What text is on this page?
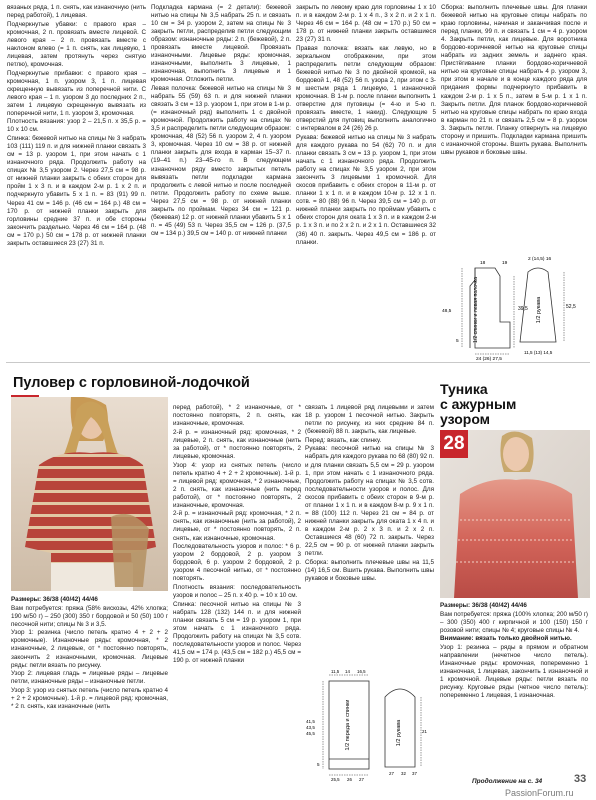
вязаных ряда, 1 п. снять, как изнаночную (нить перед работой), 1 лицевая.

Подчеркнутые убавки: с правого края – кромочная, 2 п. провязать вместе лицевой. С левого края – 2 п. провязать вместе с наклоном влево (= 1 п. снять, как лицевую, 1 лицевая, затем протянуть через снятую петлю), кромочная.

Подчеркнутые прибавки: с правого края – кромочная, 1 п. узором 3, 1 п. лицевая скрещенную вывязать из поперечной нити. С левого края – 1 п. узором 3 до последних 2 п., затем 1 лицевую скрещенную вывязать из поперечной нити, 1 п. узором 3, кромочная.

Плотность вязания: узор 2 – 21,5 п. х 35,5 р. = 10 х 10 см.

Спинка: бежевой нитью на спицы № 3 набрать 103 (111) 119 п. и для нижней планки связать 3 см = 13 р. узором 1, при этом начать с 1 изнаночного ряда. Продолжить работу на спицах № 3,5 узором 2. Через 27,5 см = 98 р. от нижней планки закрыть с обеих сторон для пройм 1 х 3 п. и в каждом 2-м р. 1 х 2 п. и подчеркнуто убавить 5 х 1 п. = 83 (91) 99 п. Через 41 см = 146 р. (46 см = 164 р.) 48 см = 170 р. от нижней планки закрыть для горловины средние 37 п. и обе стороны закончить раздельно. Через 46 см = 164 р. (48 см = 170 р.) 50 см = 178 р. от нижней планки закрыть оставшиеся 23 (27) 31 п.

Подкладка кармана (= 2 детали): бежевой нитью на спицы № 3,5 набрать 25 п. и связать 10 см = 34 р. узором 2, затем на спицы № 3 закрыть петли, распределив петли следующим образом: изнаночные ряды: 2 п. (бежевой), 2 п. провязать вместе лицевой. Провязать изнаночными. Лицевые ряды: кромочная, изнаночными, выполнить 3 лицевые, 1 изнаночная, выполнить 3 лицевые и 1 кромочная. Отложить петли.

Левая полочка: бежевой нитью на спицы № 3 набрать 55 (59) 63 п. и для нижней планки связать 3 см = 13 р. узором 1, при этом в 1-м р. (= изнаночный ряд) выполнить 1 с двойной кромочной. Продолжить работу на спицах № 3,5 и распределить петли следующим образом: кромочная, 48 (52) 56 п. узором 2, 4 п. узором 3, кромочная. Через 10 см = 38 р. от нижней планки закрыть для входа в карман 15–37 п. (19–41 п.) 23–45-го п. В следующем изнаночном ряду вместо закрытых петель вывязать петли подкладки кармана продолжить с левой нитью и после последней петли. Продолжить работу по схеме выше. Через 27,5 см = 98 р. от нижней планки закрыть по проймам. Через 34 см = 121 р. (бежевая) 12 р. от нижней планки убавить 5 х 1 п. = 45 (49) 53 п. Через 35,5 см = 126 р. (37,5 см = 134 р.) 39,5 см = 140 р. от нижней планки

закрыть по левому краю для горловины 1 х 10 п. и в каждом 2-м р. 1 х 4 п., 3 х 2 п. и 2 х 1 п. Через 46 см = 164 р. (48 см = 170 р.) 50 см = 178 р. от нижней планки закрыть оставшиеся 23 (27) 31 п.

Правая полочка: вязать как левую, но в зеркальном отображении, при этом распределить петли следующим образом: бежевой нитью № 3 по двойной кромкой, на бордовой 1, 48 (52) 56 п. узора 2, при этом с 3-м шестым ряда 1 лицевую, 1 изнаночной кромочная. В 1-м р. после планки выполнить 1 отверстие для пуговицы (= 4-ю и 5-ю п. провязать вместе, 1 накид). Следующие 5 отверстий для пуговиц выполнить аналогично с интервалом в 24 (26) 26 р.

Рукава: бежевой нитью на спицы № 3 набрать для каждого рукава по 54 (62) 70 п. и для планки связать 3 см = 13 р. узором 1, при этом начать с 1 изнаночного ряда. Продолжить работу на спицах № 3,5 узором 2, при этом закончить 3 лицевыми 1 кромочной. Для скосов прибавить с обеих сторон в 11-м р. от планки 1 х 1 п. и в каждом 10-м р. 12 х 1 п. сотв. = 80 (88) 96 п. Через 39,5 см = 140 р. от нижней планки закрыть по проймам убавить с обеих сторон для оката 1 х 3 п. и в каждом 2-м р. 1 х 3 п. и по 2 х 2 п. и 2 х 1 п. Оставшиеся 32 (36) 40 п. закрыть. Через 49,5 см = 186 р. от планки.

Сборка: выполнить плечевые швы. Для планки бежевой нитью на круговые спицы набрать по краю горловины, начиная и заканчивая после и перед планки, 99 п. и связать 1 см = 4 р. узором 4. Закрыть петли, как лицевые. Для воротника бордово-коричневой нитью на круговые спицы набрать из задних земель и заднего края. Пристёгивание планки бордово-коричневой нитью на круговые спицы набрать 4 р. узором 3, при этом в начале и в конце каждого ряда для придания формы подчеркнуто прибавить в каждом 2-м р. 1 х 5 п., затем в 5-м р. 1 х 1 п. Закрыть петли. Для планок бордово-коричневой нитью на круговые спицы набрать по краю входа в карман по 21 п. и связать 2,5 см = 8 р. узором 3. Закрыть петли. Планку отвернуть на лицевую сторону и пришить. Подкладки кармана пришить с изнаночной стороны. Вшить рукава. Выполнить швы рукавов и боковые швы.

1/2 спинки и левая полочка	1/2 рукава
39,5	52,5
24 (26) 27,5
11,5 (13) 14,5
48,5
2 (14,5) 16
5
18	19
Пуловер с горловиной-лодочкой

Размеры: 36/38 (40/42) 44/46

Вам потребуется: пряжа (58% вискозы, 42% хлопка; 190 м/50 г) – 250 (300) 350 г бордовой и 50 (50) 100 г песочной нити; спицы № 3 и 3,5.

Узор 1: резинка (число петель кратно 4 + 2 + 2 кромочные). Изнаночные ряды: кромочная, * 2 изнаночные, 2 лицевые, от * постоянно повторять, закончить 2 изнаночными, кромочная. Лицевые ряды: петли вязать по рисунку.

Узор 2: лицевая гладь = лицевые ряды – лицевые петли, изнаночные ряды – изнаночные петли.

Узор 3: узор из снятых петель (число петель кратно 4 + 2 + 2 кромочные). 1-й р. = лицевой ряд: кромочная, * 2 п. снять, как изнаночные (нить

перед работой), * 2 изнаночные, от * постоянно повторять, 2 п. снять, как изнаночные, кромочная.

2-й р. = изнаночный ряд: кромочная, * 2 лицевые, 2 п. снять, как изнаночные (нить за работой), от * постоянно повторять, 2 лицевые, кромочная.

Узор 4: узор из снятых петель (число петель кратно 4 + 2 + 2 кромочные). 1-й р. = лицевой ряд: кромочная, * 2 изнаночные, 2 п. снять, как изнаночные (нить перед работой), от * постоянно повторять, 2 изнаночные, кромочная.

2-й р. = изнаночный ряд: кромочная, * 2 п. снять, как изнаночные (нить за работой), 2 лицевые, от * постоянно повторять, 2 п. снять, как изнаночные, кромочная.

Последовательность узоров и полос: * 6 р. узором 2 бордовой, 2 р. узором 3 бордовой, 6 р. узором 2 бордовой, 2 р. узором 4 песочной нитью, от * постоянно повторять.

Плотность вязания: последовательность узоров и полос – 25 п. х 40 р. = 10 х 10 см.

Спинка: песочной нитью на спицы № 3 набрать 128 (132) 144 п. и для нижней планки связать 5 см = 19 р. узором 1, при этом начать с 1 изнаночного ряда. Продолжить работу на спицах № 3,5 сотв. последовательности узоров и полос. Через 41,5 см = 174 р. (43,5 см = 182 р.) 45,5 см = 190 р. от нижней планки

связать 1 лицевой ряд лицевыми и затем 18 р. узором 1 песочной нитью. Закрыть петли по рисунку, из них средние 84 п. (бежевой) 88 п. закрыть, как лицевые.

Перед: вязать, как спинку.

Рукава: песочной нитью на спицы № 3 набрать для каждого рукава по 68 (80) 92 п. и для планки связать 5,5 см = 29 р. узором 1, при этом начать с 1 изнаночного ряда. Продолжить работу на спицах № 3,5 сотв. последовательности узоров и полос. Для скосов прибавить с обеих сторон в 9-м р. от планки 1 х 1 п. и в каждом 8-м р. 9 х 1 п. = 88 (100) 112 п. Через 21 см = 84 р. от нижней планки закрыть для оката 1 х 4 п. и в каждом 2-м р. 2 х 3 п. и 2 х 2 п. Оставшиеся 48 (60) 72 п. закрыть. Через 22,5 см = 90 р. от нижней планки закрыть петли.

Сборка: выполнить плечевые швы на 11,5 (14) 16,5 см. Вшить рукава. Выполнить швы рукавов и боковые швы.

1/2 переда и спинки	1/2 рукава
41,5
43,5
45,5
5
11,5 14 16,5
25,5 26 27
27 32 37
21
Туника
с ажурным
узором
28

Размеры: 36/38 (40/42) 44/46

Вам потребуется: пряжа (100% хлопка; 200 м/50 г) – 300 (350) 400 г кирпичной и 100 (150) 150 г розовой нити; спицы № 4; круговые спицы № 4.

Внимание: вязать только двойной нитью.

Узор 1: резинка – ряды в прямом и обратном направлении (нечетное число петель). Изнаночные ряды: кромочная, попеременно 1 изнаночная, 1 лицевая, закончить 1 изнаночной и 1 кромочной. Лицевые ряды: петли вязать по рисунку. Круговые ряды (четное число петель): попеременно 1 лицевая, 1 изнаночная.

Продолжение на с. 34	33
PassionForum.ru
